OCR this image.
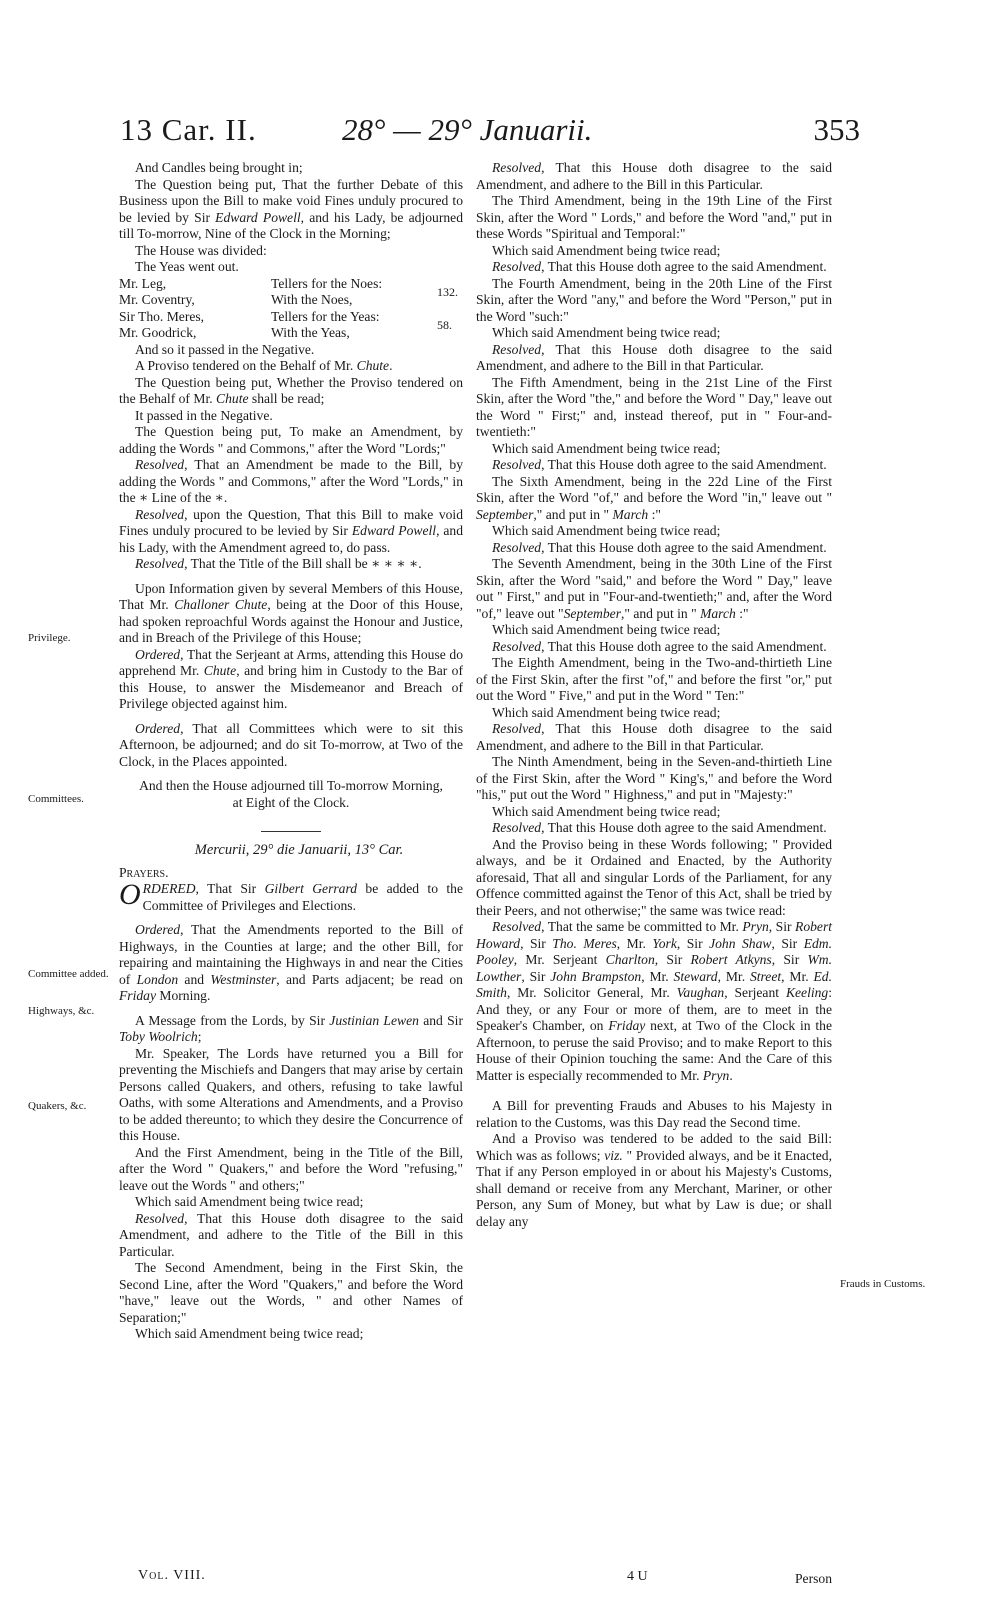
13 Car. II.	28° — 29° Januarii.	353
Privilege.
Committees.
Committee added.
Highways, &c.
Quakers, &c.
Frauds in Customs.

And Candles being brought in;

The Question being put, That the further Debate of this Business upon the Bill to make void Fines unduly procured to be levied by Sir Edward Powell, and his Lady, be adjourned till To-morrow, Nine of the Clock in the Morning;

The House was divided:

The Yeas went out.

Mr. Leg,	Tellers for the Noes:
132.
Mr. Coventry,	With the Noes,
Sir Tho. Meres,	Tellers for the Yeas:
58.
Mr. Goodrick,	With the Yeas,

And so it passed in the Negative.

A Proviso tendered on the Behalf of Mr. Chute.

The Question being put, Whether the Proviso tendered on the Behalf of Mr. Chute shall be read;

It passed in the Negative.

The Question being put, To make an Amendment, by adding the Words " and Commons," after the Word "Lords;"

Resolved, That an Amendment be made to the Bill, by adding the Words " and Commons," after the Word "Lords," in the ∗ Line of the ∗.

Resolved, upon the Question, That this Bill to make void Fines unduly procured to be levied by Sir Edward Powell, and his Lady, with the Amendment agreed to, do pass.

Resolved, That the Title of the Bill shall be ∗ ∗ ∗ ∗.

Upon Information given by several Members of this House, That Mr. Challoner Chute, being at the Door of this House, had spoken reproachful Words against the Honour and Justice, and in Breach of the Privilege of this House;

Ordered, That the Serjeant at Arms, attending this House do apprehend Mr. Chute, and bring him in Custody to the Bar of this House, to answer the Misdemeanor and Breach of Privilege objected against him.

Ordered, That all Committees which were to sit this Afternoon, be adjourned; and do sit To-morrow, at Two of the Clock, in the Places appointed.

And then the House adjourned till To-morrow Morning, at Eight of the Clock.

Mercurii, 29° die Januarii, 13° Car.

Prayers.

ORDERED, That Sir Gilbert Gerrard be added to the Committee of Privileges and Elections.

Ordered, That the Amendments reported to the Bill of Highways, in the Counties at large; and the other Bill, for repairing and maintaining the Highways in and near the Cities of London and Westminster, and Parts adjacent; be read on Friday Morning.

A Message from the Lords, by Sir Justinian Lewen and Sir Toby Woolrich;

Mr. Speaker, The Lords have returned you a Bill for preventing the Mischiefs and Dangers that may arise by certain Persons called Quakers, and others, refusing to take lawful Oaths, with some Alterations and Amendments, and a Proviso to be added thereunto; to which they desire the Concurrence of this House.

And the First Amendment, being in the Title of the Bill, after the Word " Quakers," and before the Word "refusing," leave out the Words " and others;"

Which said Amendment being twice read;

Resolved, That this House doth disagree to the said Amendment, and adhere to the Title of the Bill in this Particular.

The Second Amendment, being in the First Skin, the Second Line, after the Word "Quakers," and before the Word "have," leave out the Words, " and other Names of Separation;"

Which said Amendment being twice read;

Resolved, That this House doth disagree to the said Amendment, and adhere to the Bill in this Particular.

The Third Amendment, being in the 19th Line of the First Skin, after the Word " Lords," and before the Word "and," put in these Words "Spiritual and Temporal:"

Which said Amendment being twice read;

Resolved, That this House doth agree to the said Amendment.

The Fourth Amendment, being in the 20th Line of the First Skin, after the Word "any," and before the Word "Person," put in the Word "such:"

Which said Amendment being twice read;

Resolved, That this House doth disagree to the said Amendment, and adhere to the Bill in that Particular.

The Fifth Amendment, being in the 21st Line of the First Skin, after the Word "the," and before the Word " Day," leave out the Word " First;" and, instead thereof, put in " Four-and-twentieth:"

Which said Amendment being twice read;

Resolved, That this House doth agree to the said Amendment.

The Sixth Amendment, being in the 22d Line of the First Skin, after the Word "of," and before the Word "in," leave out " September," and put in " March :"

Which said Amendment being twice read;

Resolved, That this House doth agree to the said Amendment.

The Seventh Amendment, being in the 30th Line of the First Skin, after the Word "said," and before the Word " Day," leave out " First," and put in "Four-and-twentieth;" and, after the Word "of," leave out "September," and put in " March :"

Which said Amendment being twice read;

Resolved, That this House doth agree to the said Amendment.

The Eighth Amendment, being in the Two-and-thirtieth Line of the First Skin, after the first "of," and before the first "or," put out the Word " Five," and put in the Word " Ten:"

Which said Amendment being twice read;

Resolved, That this House doth disagree to the said Amendment, and adhere to the Bill in that Particular.

The Ninth Amendment, being in the Seven-and-thirtieth Line of the First Skin, after the Word " King's," and before the Word "his," put out the Word " Highness," and put in "Majesty:"

Which said Amendment being twice read;

Resolved, That this House doth agree to the said Amendment.

And the Proviso being in these Words following; " Provided always, and be it Ordained and Enacted, by the Authority aforesaid, That all and singular Lords of the Parliament, for any Offence committed against the Tenor of this Act, shall be tried by their Peers, and not otherwise;" the same was twice read:

Resolved, That the same be committed to Mr. Pryn, Sir Robert Howard, Sir Tho. Meres, Mr. York, Sir John Shaw, Sir Edm. Pooley, Mr. Serjeant Charlton, Sir Robert Atkyns, Sir Wm. Lowther, Sir John Brampston, Mr. Steward, Mr. Street, Mr. Ed. Smith, Mr. Solicitor General, Mr. Vaughan, Serjeant Keeling: And they, or any Four or more of them, are to meet in the Speaker's Chamber, on Friday next, at Two of the Clock in the Afternoon, to peruse the said Proviso; and to make Report to this House of their Opinion touching the same: And the Care of this Matter is especially recommended to Mr. Pryn.

A Bill for preventing Frauds and Abuses to his Majesty in relation to the Customs, was this Day read the Second time.

And a Proviso was tendered to be added to the said Bill: Which was as follows; viz. " Provided always, and be it Enacted, That if any Person employed in or about his Majesty's Customs, shall demand or receive from any Merchant, Mariner, or other Person, any Sum of Money, but what by Law is due; or shall delay any

Vol. VIII.	4 U	Person
